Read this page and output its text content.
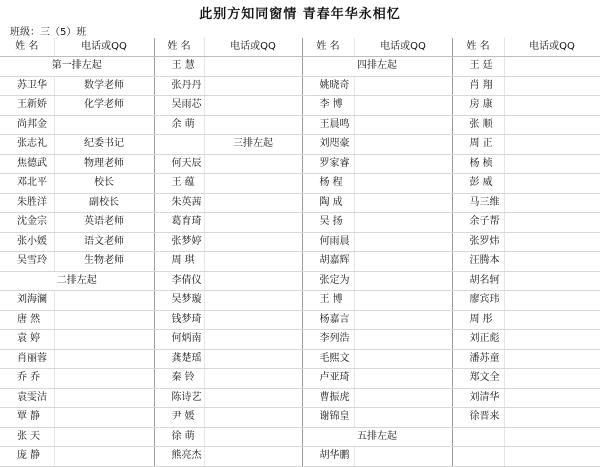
此别方知同窗情 青春年华永相忆
班级：三（5）班
姓 名	电话或QQ	姓 名	电话或QQ	姓 名	电话或QQ	姓 名	电话或QQ
第一排左起		王 慧		四排左起		王 廷	
苏卫华	数学老师	张丹丹		姚晓奇		肖 翔	
王新娇	化学老师	吴雨芯		李 博		房 康	
尚邦金		余 萌		王晨鸣		张 顺	
张志礼	纪委书记		三排左起	刘咫豪		周 正	
焦德武	物理老师	何天辰		罗家睿		杨 桢	
邓北平	校长	王 蕴		杨 程		彭 威	
朱胜洋	副校长	朱英茜		陶 成		马三维	
沈金宗	英语老师	葛育琦		吴 扬		余子帮	
张小媛	语文老师	张梦婷		何雨晨		张罗炜	
吴雪玲	生物老师	周 琪		胡嘉辉		汪腾本	
二排左起		李倩仪		张定为		胡名轲	
刘海澜		吴梦璇		王 博		廖宾玮	
唐 然		钱梦琦		杨嘉言		周 彤	
袁 婷		何炳南		李列浩		刘正彪	
肖丽蓉		龚楚瑶		毛熙文		潘苏童	
乔 乔		秦 铃		卢亚琦		郑文全	
袁雯洁		陈诗艺		曹振虎		刘清华	
覃 静		尹 媛		谢锦皇		徐晋来	
张 天		徐 萌		五排左起			
庞 静		熊亮杰		胡华鹏			
